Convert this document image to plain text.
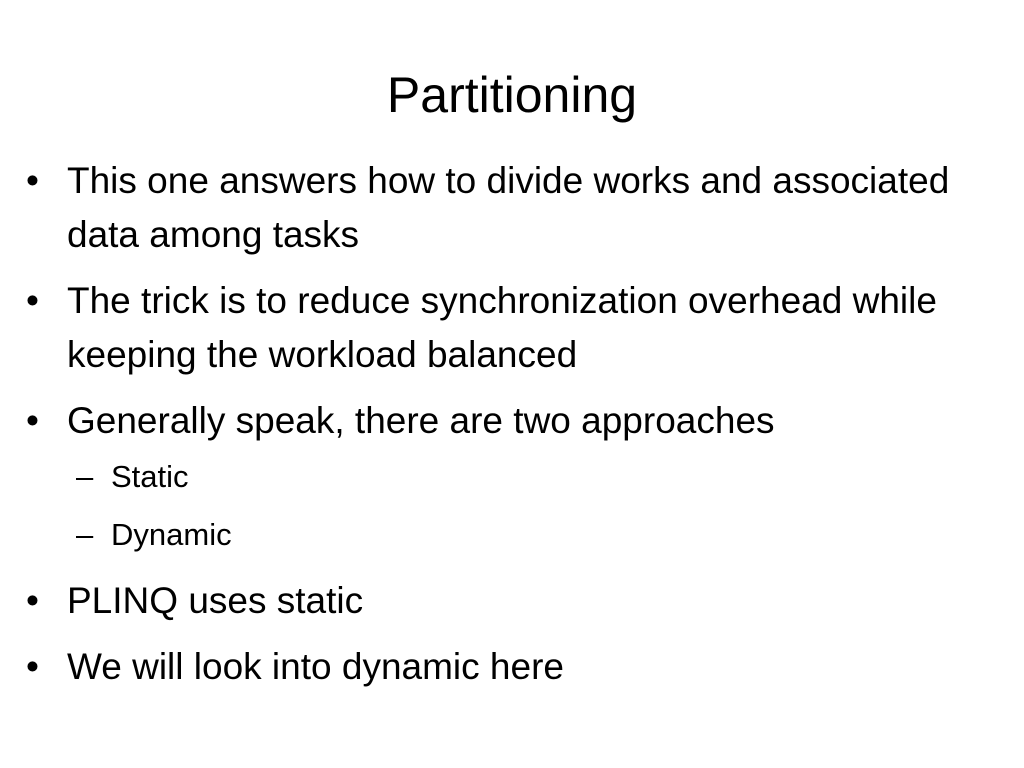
Partitioning
• This one answers how to divide works and associated data among tasks
• The trick is to reduce synchronization overhead while keeping the workload balanced
• Generally speak, there are two approaches
– Static
– Dynamic
• PLINQ uses static
• We will look into dynamic here
